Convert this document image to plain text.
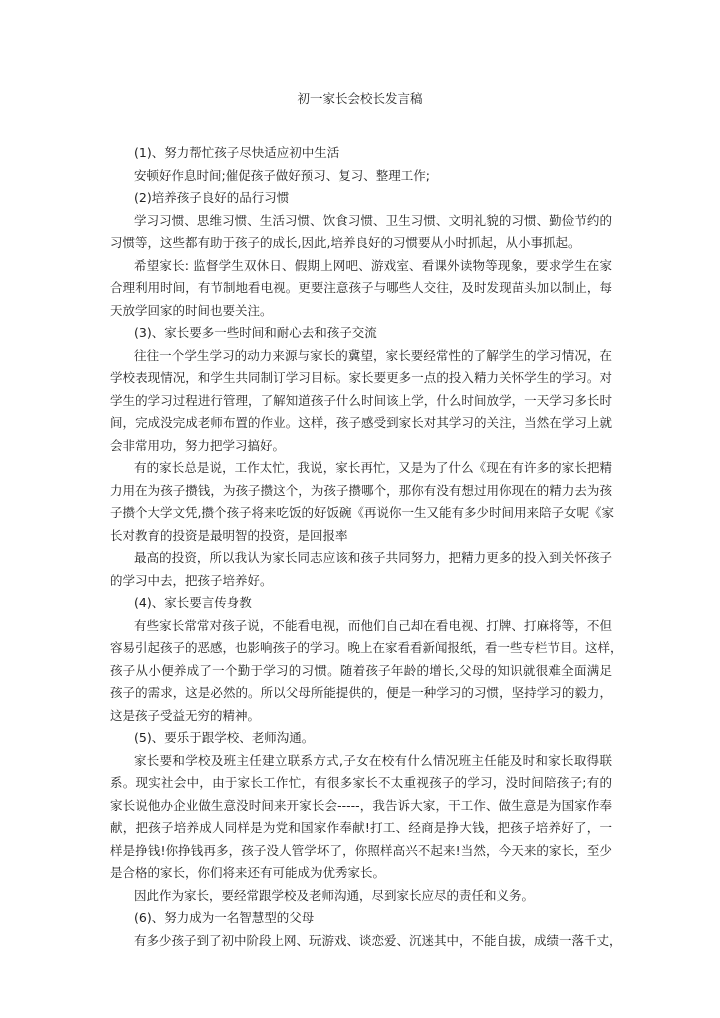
初一家长会校长发言稿
(1)、努力帮忙孩子尽快适应初中生活
安顿好作息时间;催促孩子做好预习、复习、整理工作;
(2)培养孩子良好的品行习惯
学习习惯、思维习惯、生活习惯、饮食习惯、卫生习惯、文明礼貌的习惯、勤俭节约的
习惯等，这些都有助于孩子的成长,因此,培养良好的习惯要从小时抓起，从小事抓起。
希望家长: 监督学生双休日、假期上网吧、游戏室、看课外读物等现象，要求学生在家
合理利用时间，有节制地看电视。更要注意孩子与哪些人交往，及时发现苗头加以制止，每
天放学回家的时间也要关注。
(3)、家长要多一些时间和耐心去和孩子交流
往往一个学生学习的动力来源与家长的冀望，家长要经常性的了解学生的学习情况，在
学校表现情况，和学生共同制订学习目标。家长要更多一点的投入精力关怀学生的学习。对
学生的学习过程进行管理，了解知道孩子什么时间该上学，什么时间放学，一天学习多长时
间，完成没完成老师布置的作业。这样，孩子感受到家长对其学习的关注，当然在学习上就
会非常用功，努力把学习搞好。
有的家长总是说，工作太忙，我说，家长再忙，又是为了什么《现在有许多的家长把精
力用在为孩子攒钱，为孩子攒这个，为孩子攒哪个，那你有没有想过用你现在的精力去为孩
子攒个大学文凭,攒个孩子将来吃饭的好饭碗《再说你一生又能有多少时间用来陪子女呢《家
长对教育的投资是最明智的投资，是回报率
最高的投资，所以我认为家长同志应该和孩子共同努力，把精力更多的投入到关怀孩子
的学习中去，把孩子培养好。
(4)、家长要言传身教
有些家长常常对孩子说，不能看电视，而他们自己却在看电视、打牌、打麻将等，不但
容易引起孩子的恶感，也影响孩子的学习。晚上在家看看新闻报纸，看一些专栏节目。这样，
孩子从小便养成了一个勤于学习的习惯。随着孩子年龄的增长,父母的知识就很难全面满足
孩子的需求，这是必然的。所以父母所能提供的，便是一种学习的习惯，坚持学习的毅力，
这是孩子受益无穷的精神。
(5)、要乐于跟学校、老师沟通。
家长要和学校及班主任建立联系方式,子女在校有什么情况班主任能及时和家长取得联
系。现实社会中，由于家长工作忙，有很多家长不太重视孩子的学习，没时间陪孩子;有的
家长说他办企业做生意没时间来开家长会-----，我告诉大家，干工作、做生意是为国家作奉
献，把孩子培养成人同样是为党和国家作奉献!打工、经商是挣大钱，把孩子培养好了，一
样是挣钱!你挣钱再多，孩子没人管学坏了，你照样高兴不起来!当然，今天来的家长，至少
是合格的家长，你们将来还有可能成为优秀家长。
因此作为家长，要经常跟学校及老师沟通，尽到家长应尽的责任和义务。
(6)、努力成为一名智慧型的父母
有多少孩子到了初中阶段上网、玩游戏、谈恋爱、沉迷其中，不能自拔，成绩一落千丈，
